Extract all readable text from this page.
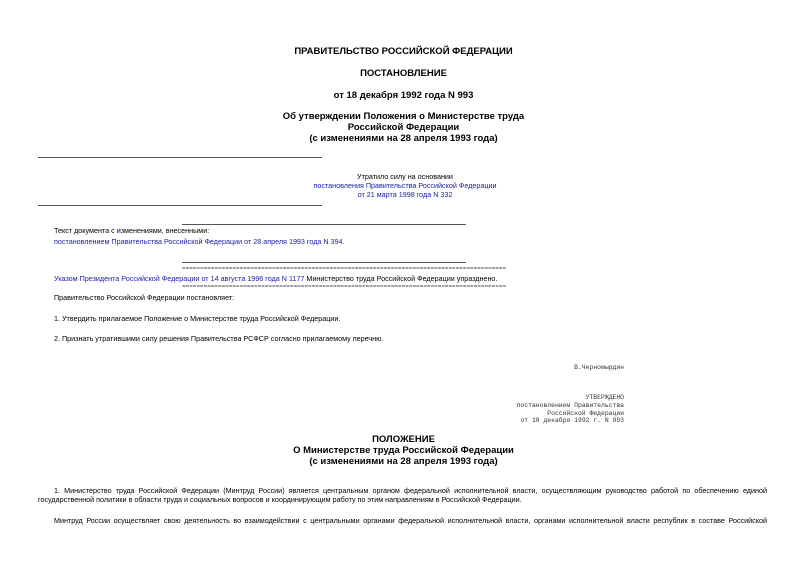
ПРАВИТЕЛЬСТВО РОССИЙСКОЙ ФЕДЕРАЦИИ
ПОСТАНОВЛЕНИЕ
от 18 декабря 1992 года N 993
Об утверждении Положения о Министерстве труда
Российской Федерации
(с изменениями на 28 апреля 1993 года)
Утратило силу на основании
постановления Правительства Российской Федерации
от 21 марта 1998 года N 332
Текст документа с изменениями, внесенными:
постановлением Правительства Российской Федерации от 28 апреля 1993 года N 394.
==========================================================================================
Указом Президента Российской Федерации от 14 августа 1996 года N 1177 Министерство труда Российской Федерации упразднено.
==========================================================================================
Правительство Российской Федерации постановляет:
1. Утвердить прилагаемое Положение о Министерстве труда Российской Федерации.
2. Признать утратившими силу решения Правительства РСФСР согласно прилагаемому перечню.
В.Черномырдин
УТВЕРЖДЕНО
постановлением Правительства
Российской Федерации
от 18 декабря 1992 г. N 993
ПОЛОЖЕНИЕ
О Министерстве труда Российской Федерации
(с изменениями на 28 апреля 1993 года)
1. Министерство труда Российской Федерации (Минтруд России) является центральным органом федеральной исполнительной власти, осуществляющим руководство работой по обеспечению единой государственной политики в области труда и социальных вопросов и координирующим работу по этим направлениям в Российской Федерации.
Минтруд России осуществляет свою деятельность во взаимодействии с центральными органами федеральной исполнительной власти, органами исполнительной власти республик в составе Российской
